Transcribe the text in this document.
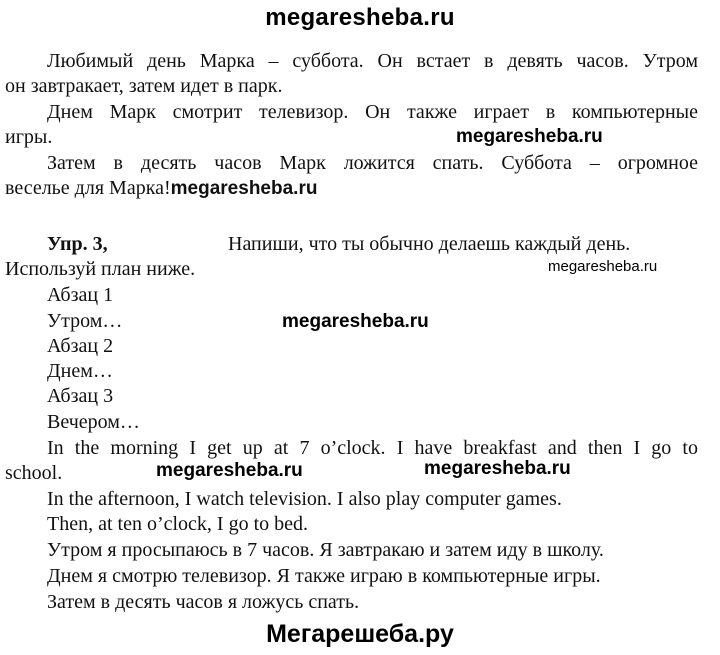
megaresheba.ru
Любимый день Марка – суббота. Он встает в девять часов. Утром
он завтракает, затем идет в парк.
Днем Марк смотрит телевизор. Он также играет в компьютерные
игры.	megaresheba.ru
Затем в десять часов Марк ложится спать. Суббота – огромное
веселье для Марка!megaresheba.ru
Упр. 3,	Напиши, что ты обычно делаешь каждый день.
Используй план ниже.	megaresheba.ru
Абзац 1
Утром…	megaresheba.ru
Абзац 2
Днем…
Абзац 3
Вечером…
In the morning I get up at 7 o’clock. I have breakfast and then I go to
school.	megaresheba.ru	megaresheba.ru
In the afternoon, I watch television. I also play computer games.
Then, at ten o’clock, I go to bed.
Утром я просыпаюсь в 7 часов. Я завтракаю и затем иду в школу.
Днем я смотрю телевизор. Я также играю в компьютерные игры.
Затем в десять часов я ложусь спать.
Мегарешеба.ру
